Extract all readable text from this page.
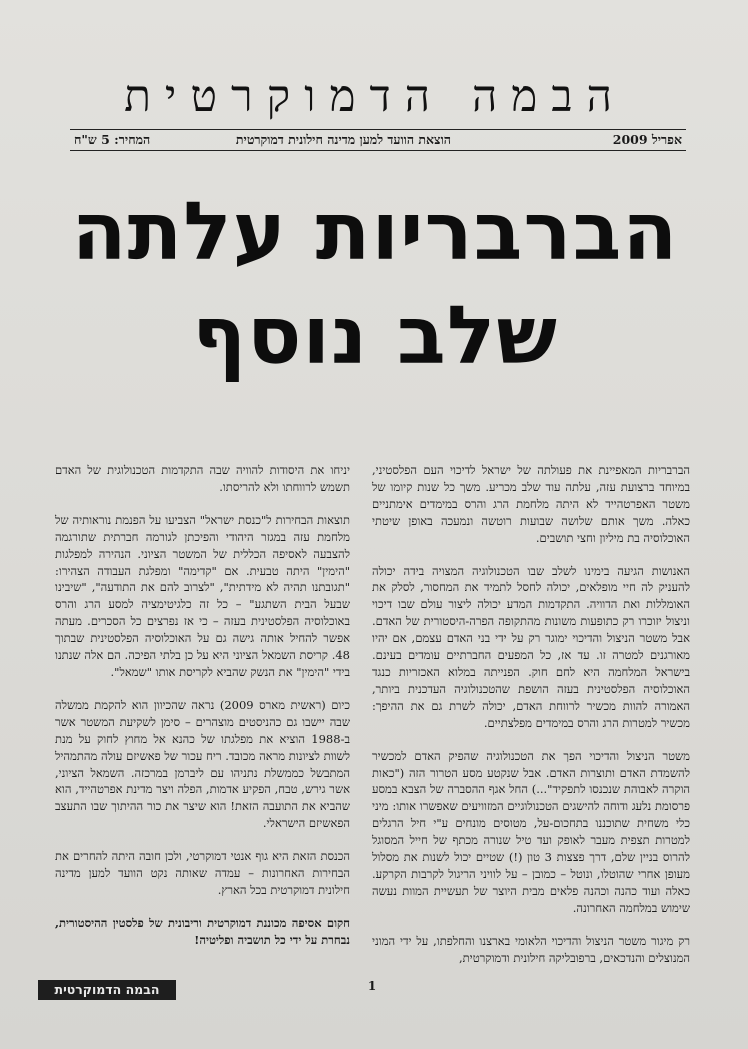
הבמה הדמוקרטית
אפריל 2009
הוצאת הוועד למען מדינה חילונית דמוקרטית
המחיר: 5 ש"ח
הברבריות עלתה
שלב נוסף

הברבריות המאפיינת את פעולתה של ישראל לדיכוי העם הפלסטיני, במיוחד ברצועת עזה, עלתה עוד שלב מכריע. משך כל שנות קיומו של משטר האפרטהייד לא היתה מלחמת הרג והרס במימדים אימתניים כאלה. משך אותם שלושה שבועות רוטשה ונמעכה באופן שיטתי האוכלוסיה בת מיליון וחצי תושבים.

האנושות הגיעה בימינו לשלב שבו הטכנולוגיה המצויה בידה יכולה להעניק לה חיי מופלאים, יכולה לחסל לתמיד את המחסור, לסלק את האומללות ואת הדוויה. התקדמות המדע יכולה ליצור עולם שבו דיכוי וניצול יזוכרו רק כתופעות משונות מהתקופה הפרה-היסטורית של האדם. אבל משטר הניצול והדיכוי ימוגר רק על ידי בני האדם עצמם, אם יהיו מאורגנים למטרה זו. עד אז, כל המפעים החברתיים עומדים בעינם. בישראל המלחמה היא לחם חוק. הפנייתה במלוא האכזריות כנגד האוכלוסיה הפלסטינית בעזה הושפת שהטכנולוגיה העדכנית ביותר, האמורה להוות מכשיר לרווחת האדם, יכולה לשרת גם את ההיפך: מכשיר למטרות הרג והרס במימדים מפלצתיים.

משטר הניצול והדיכוי הפך את הטכנולוגיה שהפיק האדם למכשיר להשמדת האדם ותוצרות האדם. אבל שנקטע מסע הטרור הזה ("כאות הוקרה לאבוהת שנכנסו לתפקיד"...) החל אגף ההסברה של הצבא במסע פרסומת נלעג ודוחה להישגים הטכנולוגיים המזוויעים שאפשרו אותו: מיני כלי משחית שתוכננו בתחכום-על, מטוסים מונחים ע"י חיל הרגלים למטרות תצפית מעבר לאופק ועד טיל שנורה מכתף של חייל המסוגל להרוס בניין שלם, דרך פצצות 3 טון (!) שטיים יכול לשנות את מסלול מעופן אחרי שהוטלו, ונוטל – כמובן – על לוויני הריגול לקרבות הקרקע. כאלה ועוד כהנה וכהנה פלאים מבית היוצר של תעשיית המוות נעשה שימוש במלחמה האחרונה.

רק מיגור משטר הניצול והדיכוי הלאומי בארצנו והחלפתו, על ידי המוני המנוצלים והנדכאים, ברפובליקה חילונית ודמוקרטית,

יניחו את היסודות להוויה שבה התקדמות הטכנולוגית של האדם תשמש לרווחתו ולא להריסתו.

תוצאות הבחירות ל"כנסת ישראל" הצביעו על הפנמת נוראותיה של מלחמת עזה במגזר היהודי והפיכתן לגורמה חברתית שתורגמה להצבעה לאסיפה הכללית של המשטר הציוני. הנהירה למפלגות "הימין" היתה טבעית. אם "קדימה" ומפלגת העבודה הצהירו: "תגובתנו תהיה לא מידתית", "לצרוב להם את התודעה", "שיבינו שבעל הבית השתגע" – כל זה כלגיטימציה למסע הרג והרס באוכלוסיה הפלסטינית בעזה – כי אז נפרצים כל הסכרים. מעתה אפשר להחיל אותה גישה גם על האוכלוסיה הפלסטינית שבתוך 48. קריסת השמאל הציוני היא על כן בלתי הפיכה. הם אלה שנתנו בידי "הימין" את הנשק שהביא לקריסת אותו "שמאל".

כיום (ראשית מארס 2009) נראה שהכיוון הוא להקמת ממשלה שבה יישבו גם כהניסטים מוצהרים – סימן לשקיעת המשטר אשר ב-1988 הוציא את מפלגתו של כהנא אל מחוץ לחוק על מנת לשוות לציונות מראה מכובד. ריח עכור של פאשיזם עולה מהתמהיל המתבשל כממשלת נתניהו עם ליברמן במרכזה. השמאל הציוני, אשר גירש, טבח, הפקיע אדמות, הפלה ויצר מדינת אפרטהייד, הוא שהביא את התועבה הזאת! הוא שיצר את כור ההיתוך שבו התעצב הפאשיזם הישראלי.

הכנסת הזאת היא גוף אנטי דמוקרטי, ולכן חובה היתה להחרים את הבחירות האחרונות – עמדה שאותה נקט הוועד למען מדינה חילונית דמוקרטית בכל הארץ.

חקום אסיפה מכוננת דמוקרטית וריבונית של פלסטין ההיסטורית, נבחרת על ידי כל תושביה ופליטיה!

הבמה הדמוקרטית	1
